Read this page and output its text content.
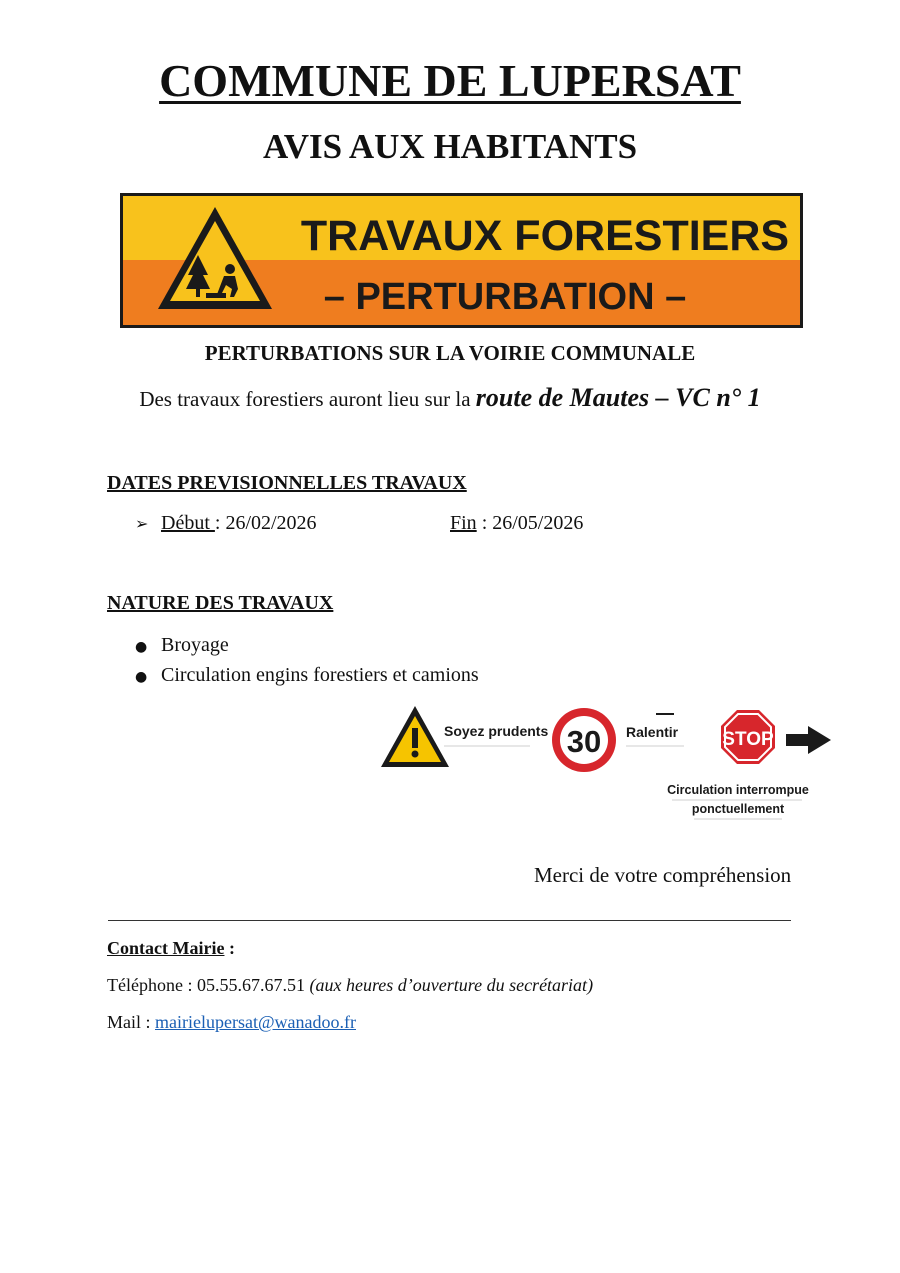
COMMUNE DE LUPERSAT
AVIS AUX HABITANTS
TRAVAUX FORESTIERS
– PERTURBATION –
PERTURBATIONS SUR LA VOIRIE COMMUNALE
Des travaux forestiers auront lieu sur la route de Mautes – VC n° 1
DATES PREVISIONNELLES TRAVAUX
➢ Début : 26/02/2026	Fin : 26/05/2026
NATURE DES TRAVAUX
● Broyage
● Circulation engins forestiers et camions
Soyez prudents 30 Ralentir STOP
Circulation interrompue
ponctuellement
Merci de votre compréhension
Contact Mairie :
Téléphone : 05.55.67.67.51 (aux heures d’ouverture du secrétariat)
Mail : mairielupersat@wanadoo.fr
